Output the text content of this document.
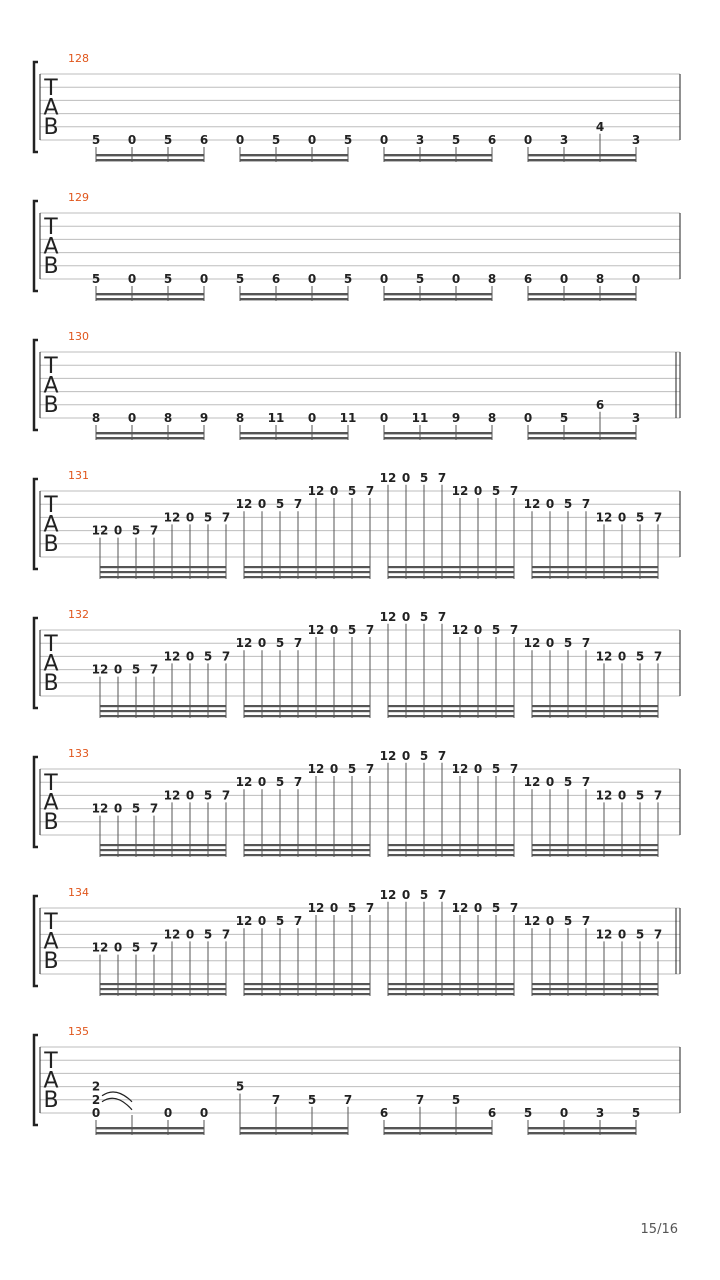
T
A
B
128
5 0 5 6 0 5 0 5 0 3 5 6 0 3
4
3
T
A
B
129
5 0 5 0 5 6 0 5 0 5 0 8 6 0 8 0
T
A
B
130
8 0 8 9 8 11 0 11 0 11 9 8 0 5
6
3
T
A
B
131
12 0 5 7
12 0 5 7
12 0 5 7
12 0 5 7
12 0 5 7
12 0 5 7
12 0 5 7
12 0 5 7
T
A
B
132
12 0 5 7
12 0 5 7
12 0 5 7
12 0 5 7
12 0 5 7
12 0 5 7
12 0 5 7
12 0 5 7
T
A
B
133
12 0 5 7
12 0 5 7
12 0 5 7
12 0 5 7
12 0 5 7
12 0 5 7
12 0 5 7
12 0 5 7
T
A
B
134
12 0 5 7
12 0 5 7
12 0 5 7
12 0 5 7
12 0 5 7
12 0 5 7
12 0 5 7
12 0 5 7
T
A
B
135
0
2
2
0 0
5
7 5 7
6
7 5
6 5 0 3 5
15/16
